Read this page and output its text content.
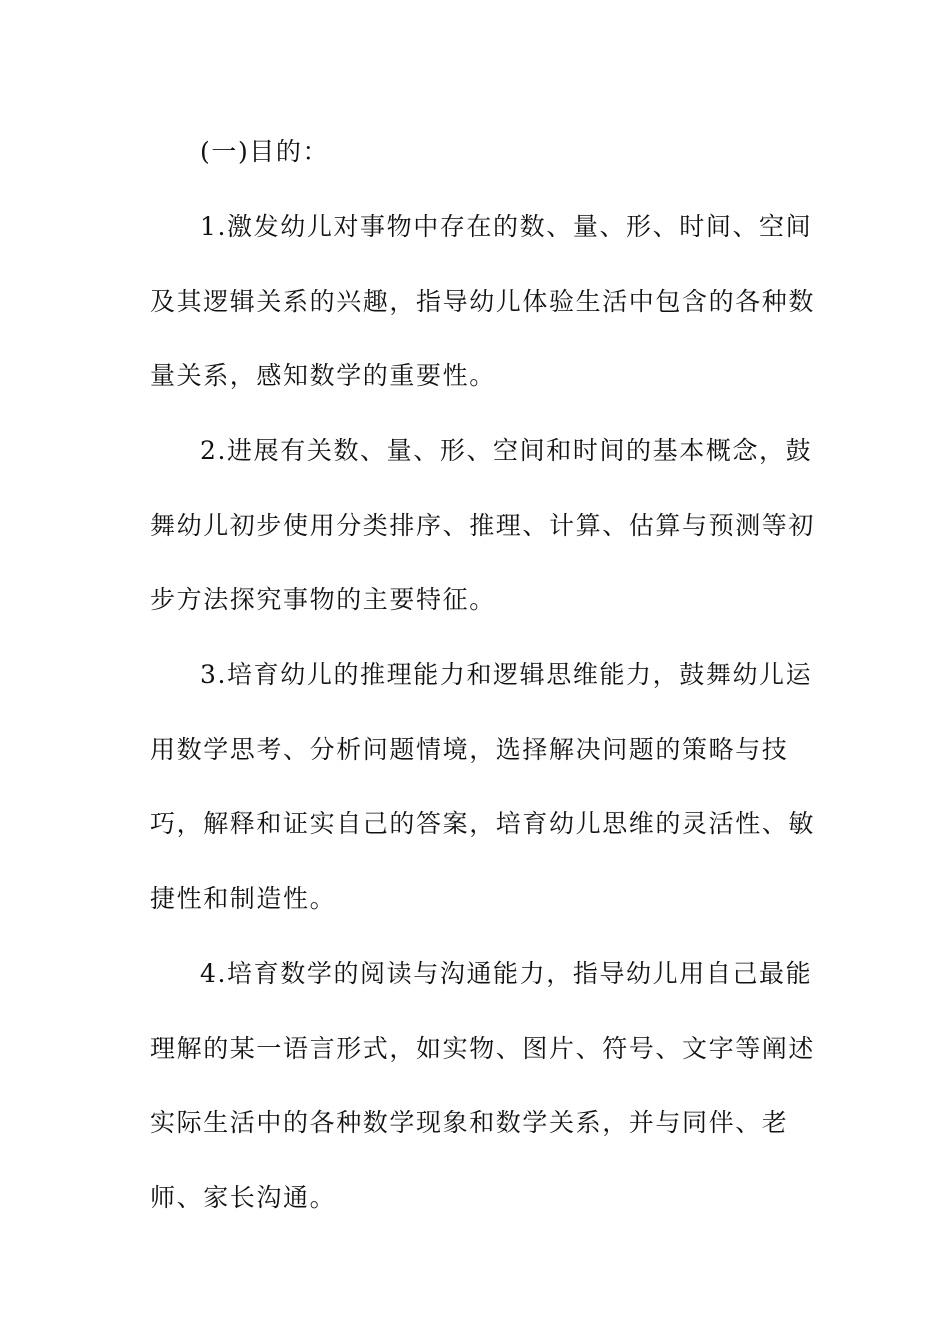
(一)目的：
1.激发幼儿对事物中存在的数、量、形、时间、空间
及其逻辑关系的兴趣，指导幼儿体验生活中包含的各种数
量关系，感知数学的重要性。
2.进展有关数、量、形、空间和时间的基本概念，鼓
舞幼儿初步使用分类排序、推理、计算、估算与预测等初
步方法探究事物的主要特征。
3.培育幼儿的推理能力和逻辑思维能力，鼓舞幼儿运
用数学思考、分析问题情境，选择解决问题的策略与技
巧，解释和证实自己的答案，培育幼儿思维的灵活性、敏
捷性和制造性。
4.培育数学的阅读与沟通能力，指导幼儿用自己最能
理解的某一语言形式，如实物、图片、符号、文字等阐述
实际生活中的各种数学现象和数学关系，并与同伴、老
师、家长沟通。
